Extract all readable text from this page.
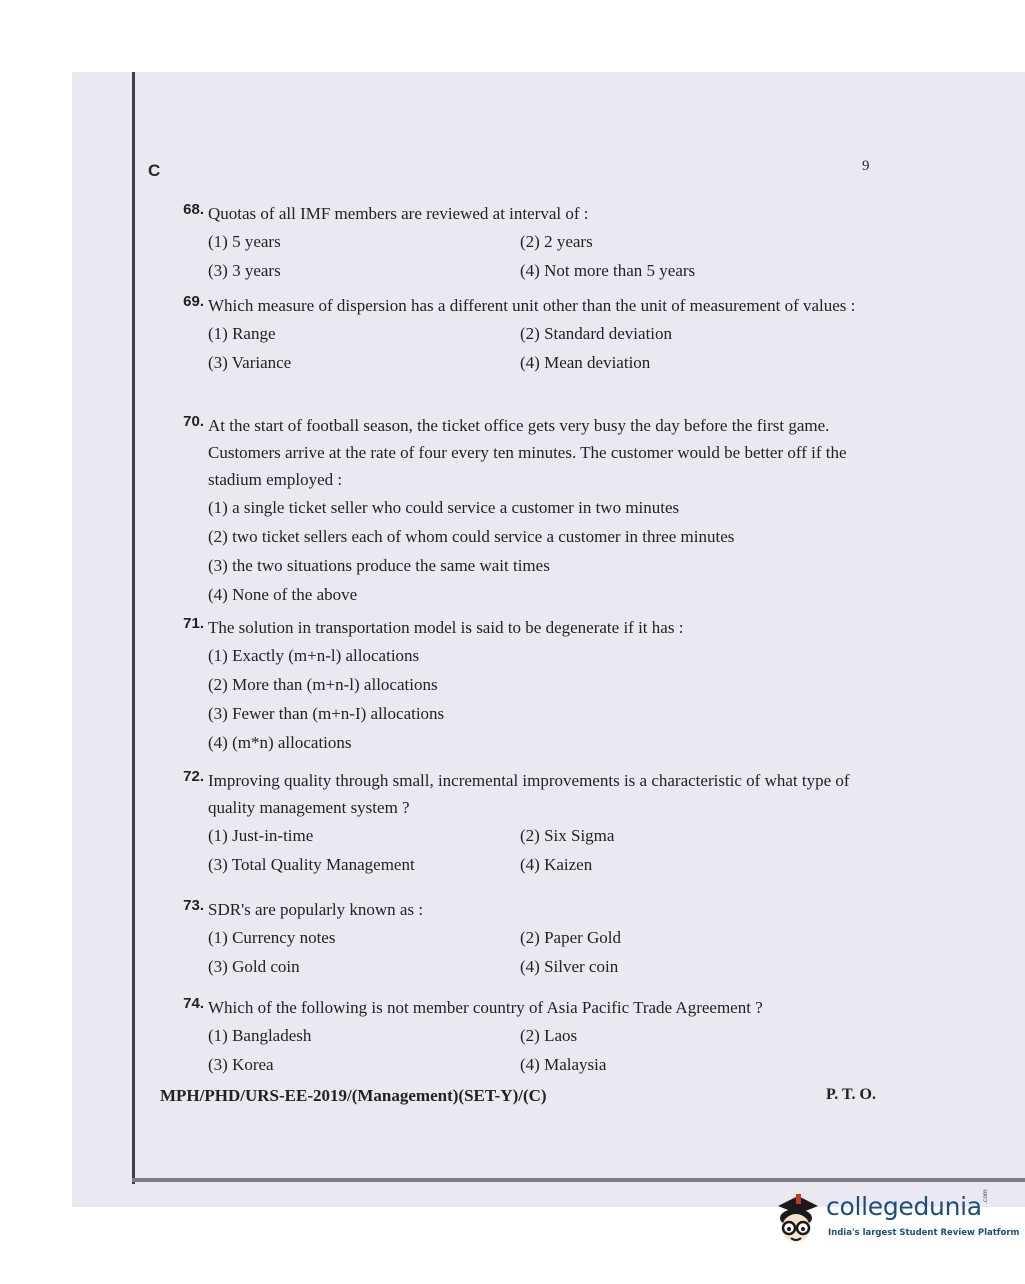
C	9
68. Quotas of all IMF members are reviewed at interval of :
(1) 5 years	(2) 2 years
(3) 3 years	(4) Not more than 5 years
69. Which measure of dispersion has a different unit other than the unit of measurement of values :
(1) Range	(2) Standard deviation
(3) Variance	(4) Mean deviation
70. At the start of football season, the ticket office gets very busy the day before the first game. Customers arrive at the rate of four every ten minutes. The customer would be better off if the stadium employed :
(1) a single ticket seller who could service a customer in two minutes
(2) two ticket sellers each of whom could service a customer in three minutes
(3) the two situations produce the same wait times
(4) None of the above
71. The solution in transportation model is said to be degenerate if it has :
(1) Exactly (m+n-l) allocations
(2) More than (m+n-l) allocations
(3) Fewer than (m+n-I) allocations
(4) (m*n) allocations
72. Improving quality through small, incremental improvements is a characteristic of what type of quality management system ?
(1) Just-in-time	(2) Six Sigma
(3) Total Quality Management	(4) Kaizen
73. SDR's are popularly known as :
(1) Currency notes	(2) Paper Gold
(3) Gold coin	(4) Silver coin
74. Which of the following is not member country of Asia Pacific Trade Agreement ?
(1) Bangladesh	(2) Laos
(3) Korea	(4) Malaysia
MPH/PHD/URS-EE-2019/(Management)(SET-Y)/(C)	P. T. O.
collegedunia .com
India's largest Student Review Platform
